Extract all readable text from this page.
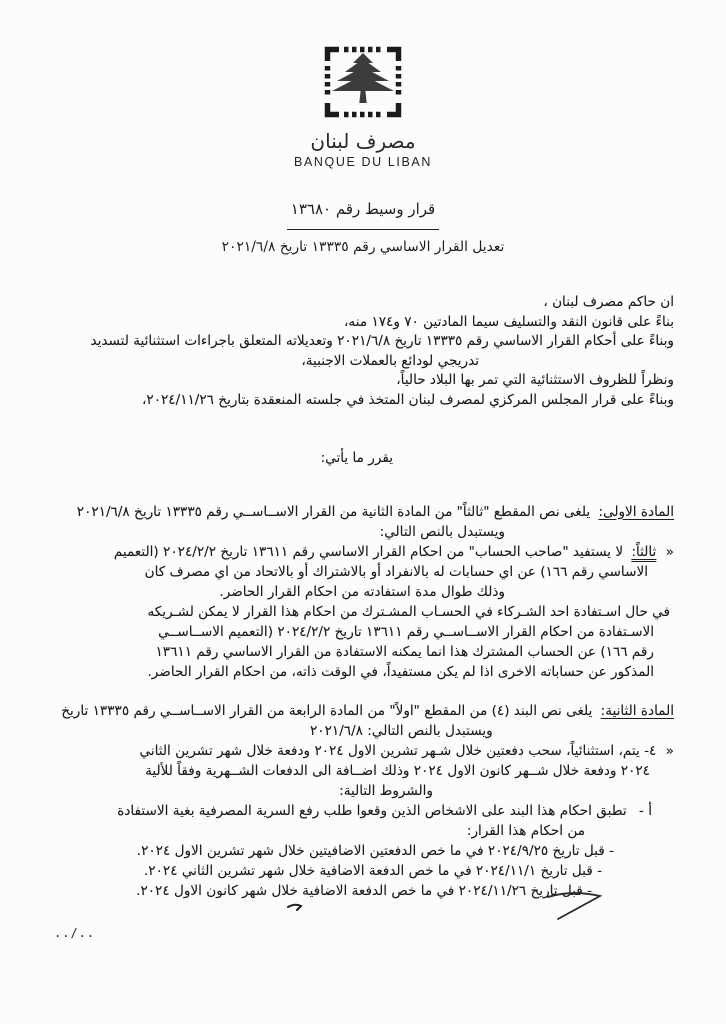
مصرف لبنان
BANQUE DU LIBAN
قرار وسيط رقم ١٣٦٨٠
تعديل القرار الاساسي رقم ١٣٣٣٥ تاريخ ٢٠٢١/٦/٨
ان حاكم مصرف لبنان ،
بناءً على قانون النقد والتسليف سيما المادتين ٧٠ و١٧٤ منه،
وبناءً على أحكام القرار الاساسي رقم ١٣٣٣٥ تاريخ ٢٠٢١/٦/٨ وتعديلاته المتعلق باجراءات استثنائية لتسديد
تدريجي لودائع بالعملات الاجنبية،
ونظراً للظروف الاستثنائية التي تمر بها البلاد حالياً،
وبناءً على قرار المجلس المركزي لمصرف لبنان المتخذ في جلسته المنعقدة بتاريخ ٢٠٢٤/١١/٢٦،
يقرر ما يأتي:
المادة الاولى: يلغى نص المقطع "ثالثاً" من المادة الثانية من القرار الاســاســي رقم ١٣٣٣٥ تاريخ ٢٠٢١/٦/٨
ويستبدل بالنص التالي:
« ثالثاً: لا يستفيد "صاحب الحساب" من احكام القرار الاساسي رقم ١٣٦١١ تاريخ ٢٠٢٤/٢/٢ (التعميم
الاساسي رقم ١٦٦) عن اي حسابات له بالانفراد أو بالاشتراك أو بالاتحاد من اي مصرف كان
وذلك طوال مدة استفادته من احكام القرار الحاضر.
في حال اسـتفادة احد الشـركاء في الحسـاب المشـترك من احكام هذا القرار لا يمكن لشـريكه
الاسـتفادة من احكام القرار الاســاســي رقم ١٣٦١١ تاريخ ٢٠٢٤/٢/٢ (التعميم الاســاســي
رقم ١٦٦) عن الحساب المشترك هذا انما يمكنه الاستفادة من القرار الاساسي رقم ١٣٦١١
المذكور عن حساباته الاخرى اذا لم يكن مستفيداً، في الوقت ذاته، من احكام القرار الحاضر.
المادة الثانية: يلغى نص البند (٤) من المقطع "اولاً" من المادة الرابعة من القرار الاســاســي رقم ١٣٣٣٥ تاريخ
٢٠٢١/٦/٨ ويستبدل بالنص التالي:
« ٤- يتم، استثنائياً، سحب دفعتين خلال شـهر تشرين الاول ٢٠٢٤ ودفعة خلال شهر تشرين الثاني
٢٠٢٤ ودفعة خلال شــهر كانون الاول ٢٠٢٤ وذلك اضــافة الى الدفعات الشــهرية وفقاً للألية
والشروط التالية:
أ - تطبق احكام هذا البند على الاشخاص الذين وقعوا طلب رفع السرية المصرفية بغية الاستفادة
من احكام هذا القرار:
- قبل تاريخ ٢٠٢٤/٩/٢٥ في ما خص الدفعتين الاضافيتين خلال شهر تشرين الاول ٢٠٢٤.
- قبل تاريخ ٢٠٢٤/١١/١ في ما خص الدفعة الاضافية خلال شهر تشرين الثاني ٢٠٢٤.
- قبل تاريخ ٢٠٢٤/١١/٢٦ في ما خص الدفعة الاضافية خلال شهر كانون الاول ٢٠٢٤.
../..
